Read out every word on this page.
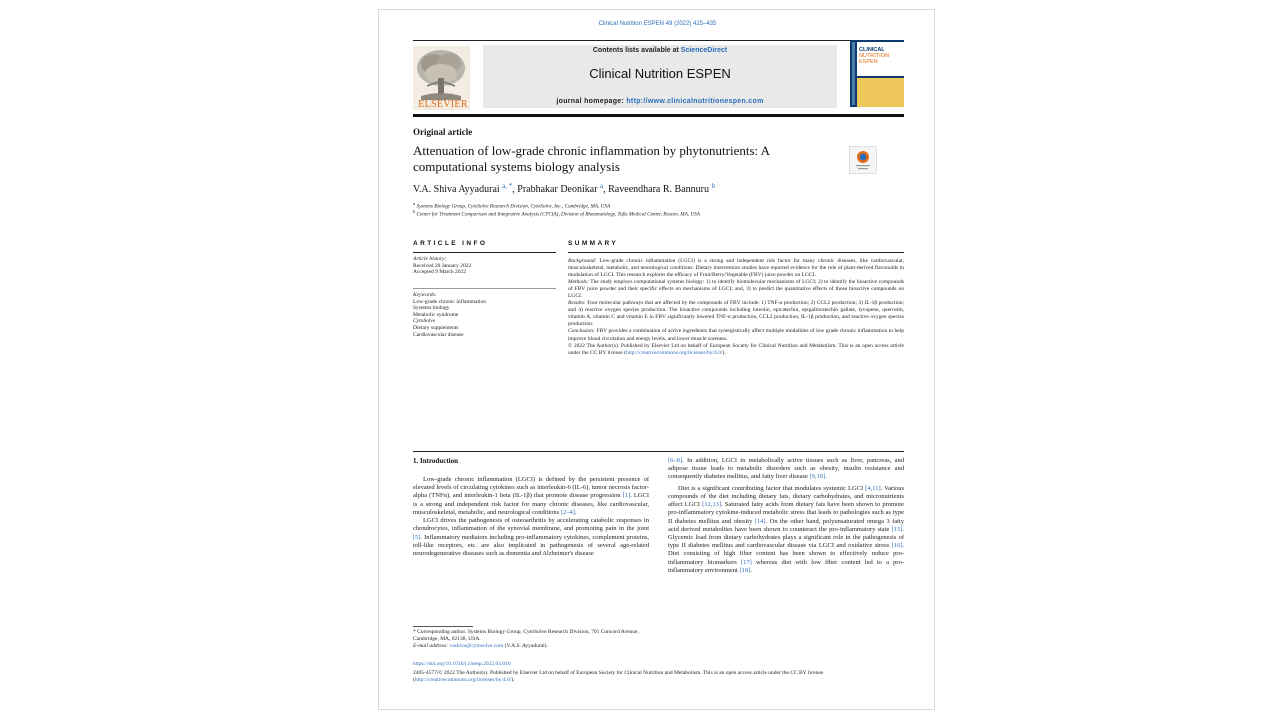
Clinical Nutrition ESPEN 49 (2022) 425–435
ELSEVIER
Contents lists available at ScienceDirect
Clinical Nutrition ESPEN
journal homepage: http://www.clinicalnutritionespen.com
CLINICAL
NUTRITION
ESPEN
Original article
Attenuation of low-grade chronic inflammation by phytonutrients: A
computational systems biology analysis
V.A. Shiva Ayyadurai $^{a, *}$, Prabhakar Deonikar $^a$, Raveendhara R. Bannuru $^b$
$^a$ Systems Biology Group, CytoSolve Research Division, CytoSolve, Inc., Cambridge, MA, USA
$^b$ Center for Treatment Comparison and Integrative Analysis (CTCIA), Division of Rheumatology, Tufts Medical Center, Boston, MA, USA
ARTICLE INFO
Article history:
Received 20 January 2022
Accepted 9 March 2022
Keywords:
Low-grade chronic inflammation
Systems biology
Metabolic syndrome
CytoSolve
Dietary supplements
Cardiovascular disease
SUMMARY

Background: Low-grade chronic inflammation (LGCI) is a strong and independent risk factor for many chronic diseases, like cardiovascular, musculoskeletal, metabolic, and neurological conditions. Dietary intervention studies have reported evidence for the role of plant-derived flavonoids in modulation of LGCI. This research explores the efficacy of Fruit/Berry/Vegetable (FBV) juice powder on LGCI.

Methods: The study employs computational systems biology: 1) to identify biomolecular mechanisms of LGCI; 2) to identify the bioactive compounds of FBV juice powder and their specific effects on mechanisms of LGCI; and, 3) to predict the quantitative effects of those bioactive compounds on LGCI.

Results: Four molecular pathways that are affected by the compounds of FBV include: 1) TNF-α production; 2) CCL2 production; 3) IL-1β production; and 4) reactive oxygen species production. The bioactive compounds including luteolin, epicatechin, epigallocatechin gallate, lycopene, quercetin, vitamin A, vitamin C and vitamin E in FBV significantly lowered TNF-α production, CCL2 production, IL-1β production, and reactive oxygen species production.

Conclusion: FBV provides a combination of active ingredients that synergistically affect multiple modalities of low grade chronic inflammation to help improve blood circulation and energy levels, and lower muscle soreness.

© 2022 The Author(s). Published by Elsevier Ltd on behalf of European Society for Clinical Nutrition and Metabolism. This is an open access article under the CC BY license (http://creativecommons.org/licenses/by/4.0/).

1. Introduction

Low-grade chronic inflammation (LGCI) is defined by the persistent presence of elevated levels of circulating cytokines such as interleukin-6 (IL-6), tumor necrosis factor-alpha (TNFα), and interleukin-1 beta (IL-1β) that promote disease progression [1]. LGCI is a strong and independent risk factor for many chronic diseases, like cardiovascular, musculoskeletal, metabolic, and neurological conditions [2–4].

LGCI drives the pathogenesis of osteoarthritis by accelerating catabolic responses in chondrocytes, inflammation of the synovial membrane, and promoting pain in the joint [5]. Inflammatory mediators including pro-inflammatory cytokines, complement proteins, toll-like receptors, etc. are also implicated in pathogenesis of several age-related neurodegenerative diseases such as dementia and Alzheimer's disease

[6–8]. In addition, LGCI in metabolically active tissues such as liver, pancreas, and adipose tissue leads to metabolic disorders such as obesity, insulin resistance and consequently diabetes mellitus, and fatty liver disease [9,10].

Diet is a significant contributing factor that modulates systemic LGCI [4,11]. Various compounds of the diet including dietary fats, dietary carbohydrates, and micronutrients affect LGCI [12,13]. Saturated fatty acids from dietary fats have been shown to promote pro-inflammatory cytokine-induced metabolic stress that leads to pathologies such as type II diabetes mellitus and obesity [14]. On the other hand, polyunsaturated omega 3 fatty acid derived metabolites have been shown to counteract the pro-inflammatory state [15]. Glycemic load from dietary carbohydrates plays a significant role in the pathogenesis of type II diabetes mellitus and cardiovascular disease via LGCI and oxidative stress [16]. Diet consisting of high fiber content has been shown to effectively reduce pro-inflammatory biomarkers [17] whereas diet with low fiber content led to a pro-inflammatory environment [18].

* Corresponding author. Systems Biology Group, CytoSolve Research Division, 701 Concord Avenue, Cambridge, MA, 02138, USA.
E-mail address: vashiva@cytosolve.com (V.A.S. Ayyadurai).
https://doi.org/10.1016/j.clnesp.2022.03.010
2405-4577/© 2022 The Author(s). Published by Elsevier Ltd on behalf of European Society for Clinical Nutrition and Metabolism. This is an open access article under the CC BY license (http://creativecommons.org/licenses/by/4.0/).
